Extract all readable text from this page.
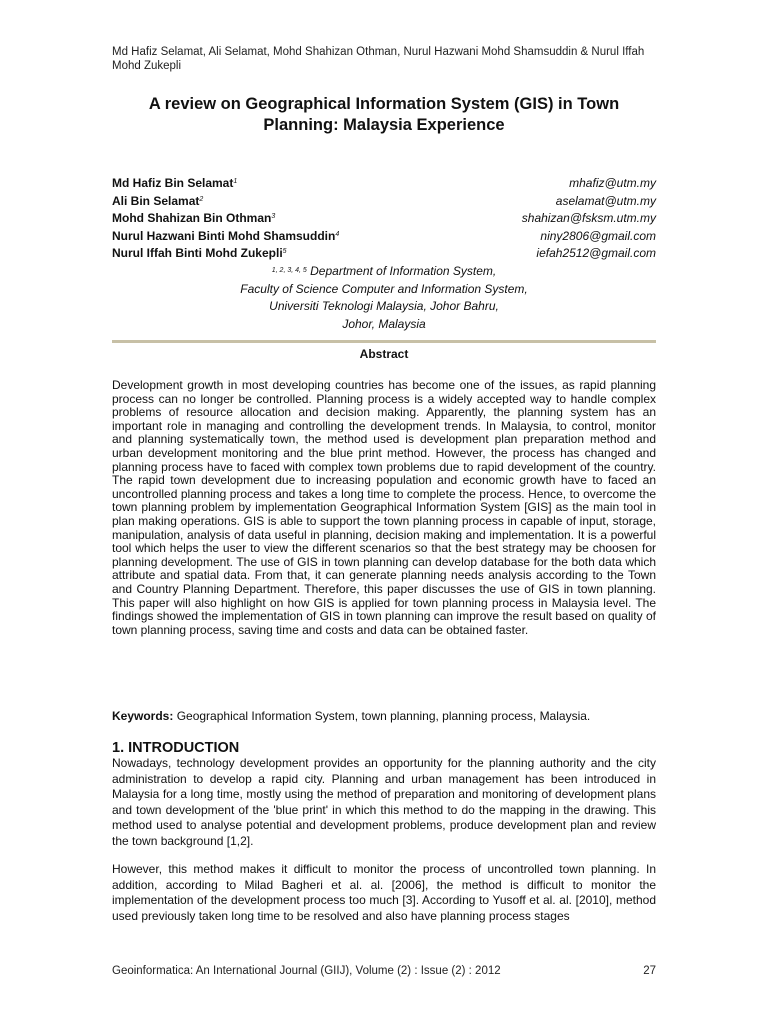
Md Hafiz Selamat, Ali Selamat, Mohd Shahizan Othman, Nurul Hazwani Mohd Shamsuddin & Nurul Iffah Mohd Zukepli
A review on Geographical Information System (GIS) in Town Planning: Malaysia Experience
Md Hafiz Bin Selamat$^1$	mhafiz@utm.my
Ali Bin Selamat$^2$	aselamat@utm.my
Mohd Shahizan Bin Othman$^3$	shahizan@fsksm.utm.my
Nurul Hazwani Binti Mohd Shamsuddin$^4$	niny2806@gmail.com
Nurul Iffah Binti Mohd Zukepli$^5$	iefah2512@gmail.com
$^{1, 2, 3, 4, 5}$ Department of Information System,
Faculty of Science Computer and Information System,
Universiti Teknologi Malaysia, Johor Bahru,
Johor, Malaysia
Abstract
Development growth in most developing countries has become one of the issues, as rapid planning process can no longer be controlled. Planning process is a widely accepted way to handle complex problems of resource allocation and decision making. Apparently, the planning system has an important role in managing and controlling the development trends. In Malaysia, to control, monitor and planning systematically town, the method used is development plan preparation method and urban development monitoring and the blue print method. However, the process has changed and planning process have to faced with complex town problems due to rapid development of the country. The rapid town development due to increasing population and economic growth have to faced an uncontrolled planning process and takes a long time to complete the process. Hence, to overcome the town planning problem by implementation Geographical Information System [GIS] as the main tool in plan making operations. GIS is able to support the town planning process in capable of input, storage, manipulation, analysis of data useful in planning, decision making and implementation. It is a powerful tool which helps the user to view the different scenarios so that the best strategy may be choosen for planning development. The use of GIS in town planning can develop database for the both data which attribute and spatial data. From that, it can generate planning needs analysis according to the Town and Country Planning Department. Therefore, this paper discusses the use of GIS in town planning. This paper will also highlight on how GIS is applied for town planning process in Malaysia level. The findings showed the implementation of GIS in town planning can improve the result based on quality of town planning process, saving time and costs and data can be obtained faster.
Keywords: Geographical Information System, town planning, planning process, Malaysia.
1. INTRODUCTION
Nowadays, technology development provides an opportunity for the planning authority and the city administration to develop a rapid city. Planning and urban management has been introduced in Malaysia for a long time, mostly using the method of preparation and monitoring of development plans and town development of the 'blue print' in which this method to do the mapping in the drawing. This method used to analyse potential and development problems, produce development plan and review the town background [1,2].
However, this method makes it difficult to monitor the process of uncontrolled town planning. In addition, according to Milad Bagheri et al. al. [2006], the method is difficult to monitor the implementation of the development process too much [3]. According to Yusoff et al. al. [2010], method used previously taken long time to be resolved and also have planning process stages
Geoinformatica: An International Journal (GIIJ), Volume (2) : Issue (2) : 2012	27
